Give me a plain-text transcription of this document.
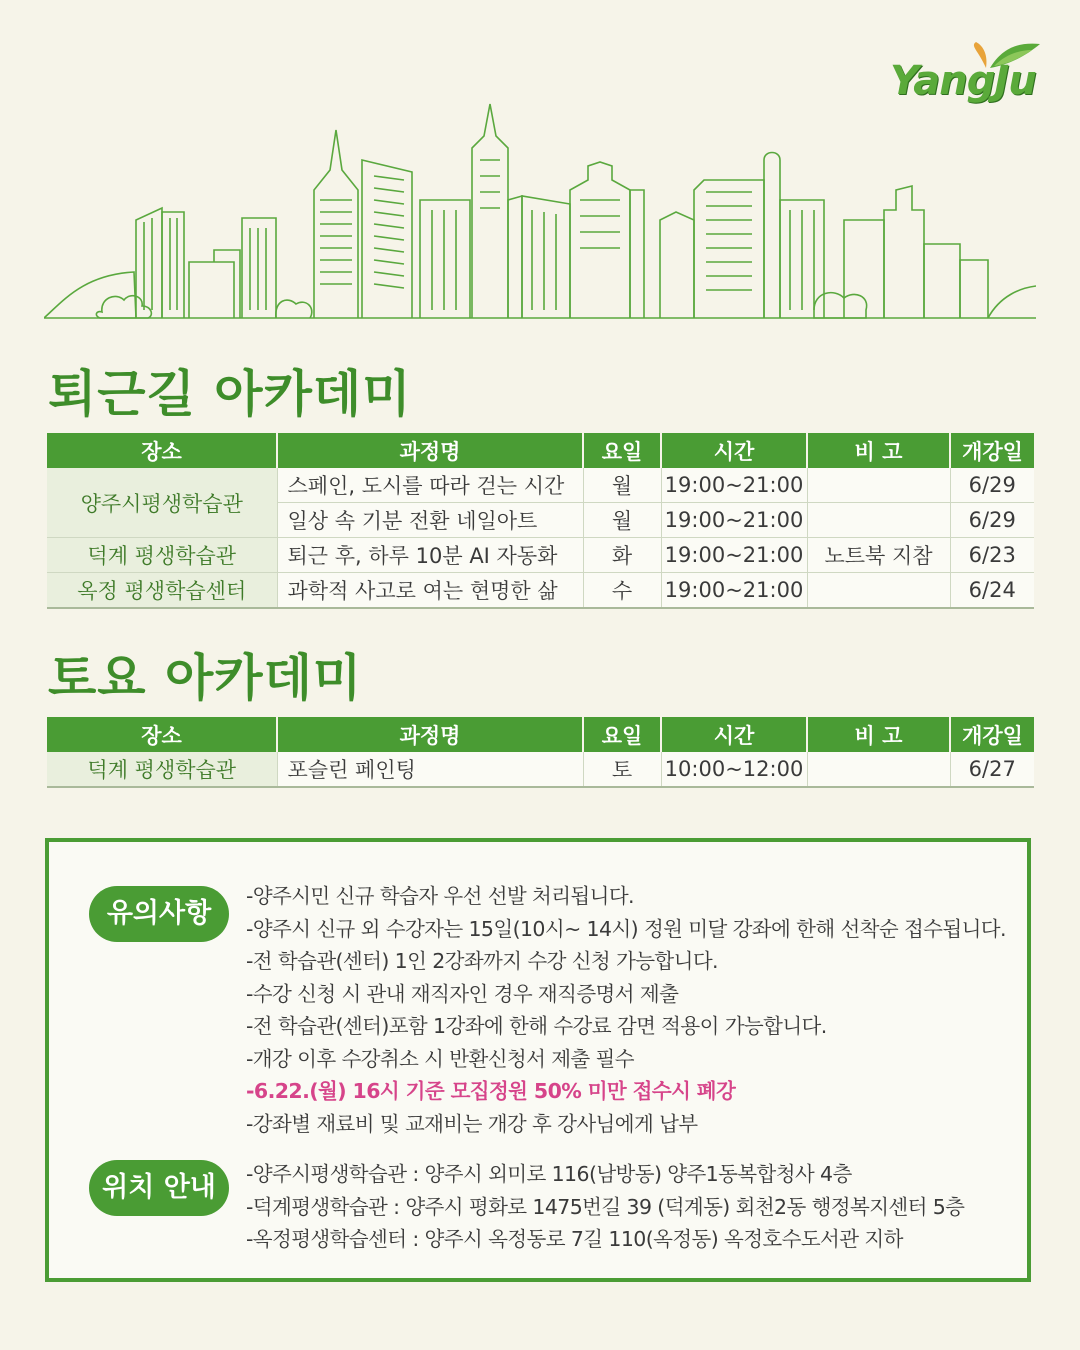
YangJu
퇴근길 아카데미
장소	과정명	요일	시간	비 고	개강일
양주시평생학습관	스페인, 도시를 따라 걷는 시간	월	19:00~21:00		6/29
	일상 속 기분 전환 네일아트	월	19:00~21:00		6/29
덕계 평생학습관	퇴근 후, 하루 10분 AI 자동화	화	19:00~21:00	노트북 지참	6/23
옥정 평생학습센터	과학적 사고로 여는 현명한 삶	수	19:00~21:00		6/24
토요 아카데미
장소	과정명	요일	시간	비 고	개강일
덕계 평생학습관	포슬린 페인팅	토	10:00~12:00		6/27
유의사항
-양주시민 신규 학습자 우선 선발 처리됩니다.
-양주시 신규 외 수강자는 15일(10시~ 14시) 정원 미달 강좌에 한해 선착순 접수됩니다.
-전 학습관(센터) 1인 2강좌까지 수강 신청 가능합니다.
-수강 신청 시 관내 재직자인 경우 재직증명서 제출
-전 학습관(센터)포함 1강좌에 한해 수강료 감면 적용이 가능합니다.
-개강 이후 수강취소 시 반환신청서 제출 필수
-6.22.(월) 16시 기준 모집정원 50% 미만 접수시 폐강
-강좌별 재료비 및 교재비는 개강 후 강사님에게 납부
위치 안내	-양주시평생학습관 : 양주시 외미로 116(남방동) 양주1동복합청사 4층
-덕계평생학습관 : 양주시 평화로 1475번길 39 (덕계동) 회천2동 행정복지센터 5층
-옥정평생학습센터 : 양주시 옥정동로 7길 110(옥정동) 옥정호수도서관 지하
